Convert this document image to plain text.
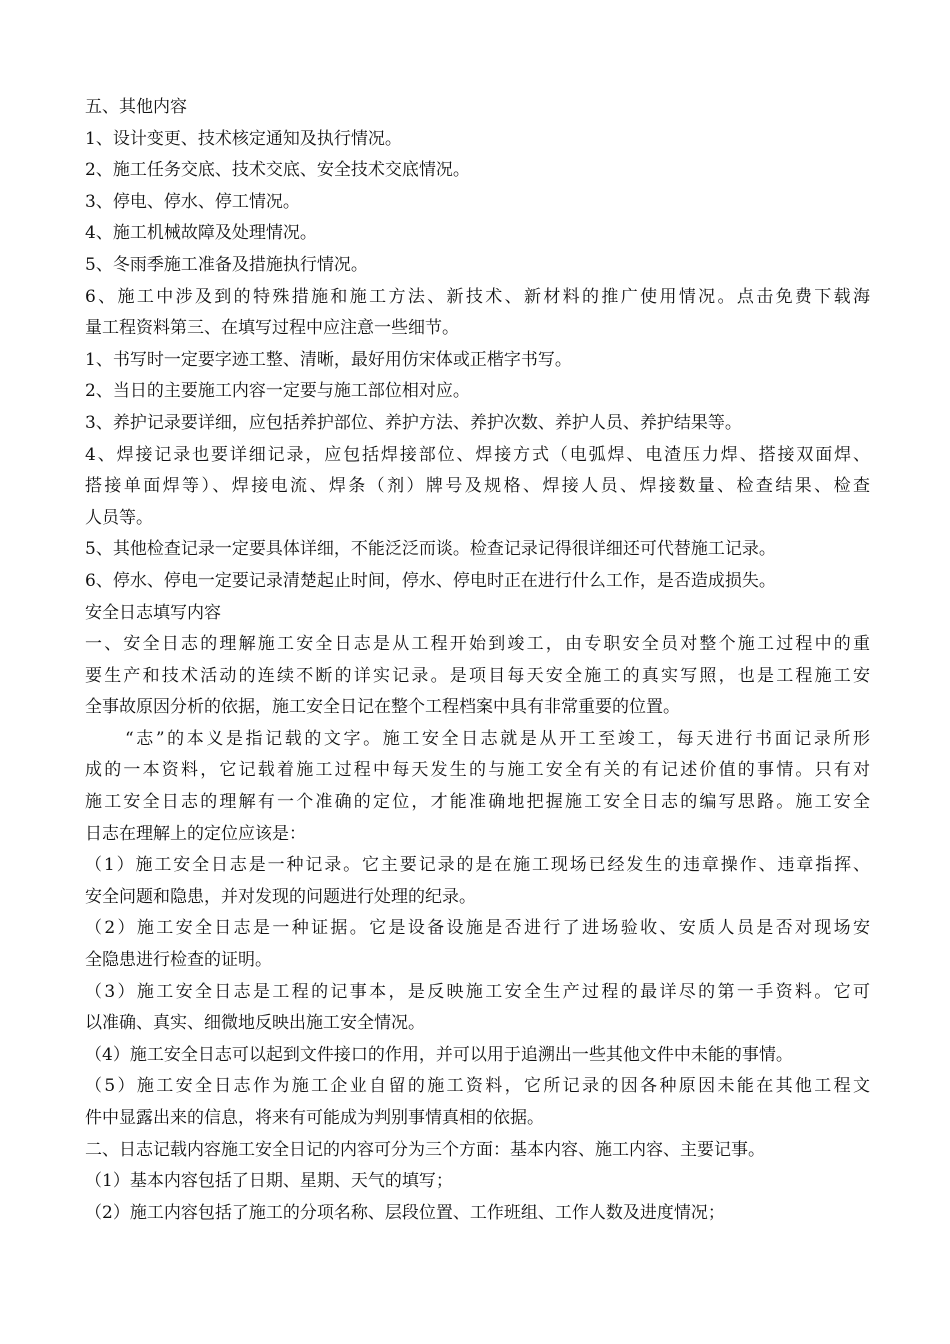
五、其他内容
1、设计变更、技术核定通知及执行情况。
2、施工任务交底、技术交底、安全技术交底情况。
3、停电、停水、停工情况。
4、施工机械故障及处理情况。
5、冬雨季施工准备及措施执行情况。
6、施工中涉及到的特殊措施和施工方法、新技术、新材料的推广使用情况。点击免费下载海
量工程资料第三、在填写过程中应注意一些细节。
1、书写时一定要字迹工整、清晰，最好用仿宋体或正楷字书写。
2、当日的主要施工内容一定要与施工部位相对应。
3、养护记录要详细，应包括养护部位、养护方法、养护次数、养护人员、养护结果等。
4、焊接记录也要详细记录，应包括焊接部位、焊接方式（电弧焊、电渣压力焊、搭接双面焊、
搭接单面焊等）、焊接电流、焊条（剂）牌号及规格、焊接人员、焊接数量、检查结果、检查
人员等。
5、其他检查记录一定要具体详细，不能泛泛而谈。检查记录记得很详细还可代替施工记录。
6、停水、停电一定要记录清楚起止时间，停水、停电时正在进行什么工作，是否造成损失。
安全日志填写内容
一、安全日志的理解施工安全日志是从工程开始到竣工，由专职安全员对整个施工过程中的重
要生产和技术活动的连续不断的详实记录。是项目每天安全施工的真实写照，也是工程施工安
全事故原因分析的依据，施工安全日记在整个工程档案中具有非常重要的位置。
“志”的本义是指记载的文字。施工安全日志就是从开工至竣工，每天进行书面记录所形
成的一本资料，它记载着施工过程中每天发生的与施工安全有关的有记述价值的事情。只有对
施工安全日志的理解有一个准确的定位，才能准确地把握施工安全日志的编写思路。施工安全
日志在理解上的定位应该是：
（1）施工安全日志是一种记录。它主要记录的是在施工现场已经发生的违章操作、违章指挥、
安全问题和隐患，并对发现的问题进行处理的纪录。
（2）施工安全日志是一种证据。它是设备设施是否进行了进场验收、安质人员是否对现场安
全隐患进行检查的证明。
（3）施工安全日志是工程的记事本，是反映施工安全生产过程的最详尽的第一手资料。它可
以准确、真实、细微地反映出施工安全情况。
（4）施工安全日志可以起到文件接口的作用，并可以用于追溯出一些其他文件中未能的事情。
（5）施工安全日志作为施工企业自留的施工资料，它所记录的因各种原因未能在其他工程文
件中显露出来的信息，将来有可能成为判别事情真相的依据。
二、日志记载内容施工安全日记的内容可分为三个方面：基本内容、施工内容、主要记事。
（1）基本内容包括了日期、星期、天气的填写；
（2）施工内容包括了施工的分项名称、层段位置、工作班组、工作人数及进度情况；
